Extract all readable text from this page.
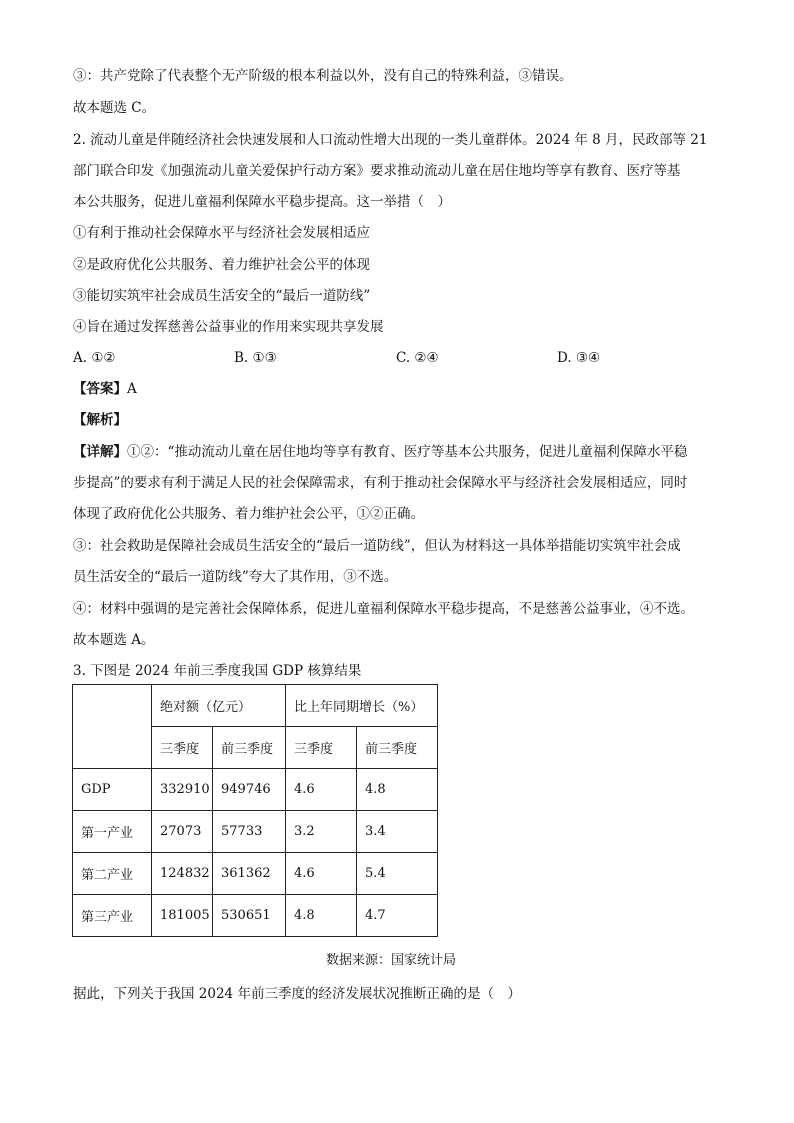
③：共产党除了代表整个无产阶级的根本利益以外，没有自己的特殊利益，③错误。
故本题选 C。
2. 流动儿童是伴随经济社会快速发展和人口流动性增大出现的一类儿童群体。2024 年 8 月，民政部等 21
部门联合印发《加强流动儿童关爱保护行动方案》要求推动流动儿童在居住地均等享有教育、医疗等基
本公共服务，促进儿童福利保障水平稳步提高。这一举措（　）
①有利于推动社会保障水平与经济社会发展相适应
②是政府优化公共服务、着力维护社会公平的体现
③能切实筑牢社会成员生活安全的“最后一道防线”
④旨在通过发挥慈善公益事业的作用来实现共享发展
A. ①②	B. ①③	C. ②④	D. ③④
【答案】A
【解析】
【详解】①②：“推动流动儿童在居住地均等享有教育、医疗等基本公共服务，促进儿童福利保障水平稳
步提高”的要求有利于满足人民的社会保障需求，有利于推动社会保障水平与经济社会发展相适应，同时
体现了政府优化公共服务、着力维护社会公平，①②正确。
③：社会救助是保障社会成员生活安全的“最后一道防线”，但认为材料这一具体举措能切实筑牢社会成
员生活安全的“最后一道防线”夸大了其作用，③不选。
④：材料中强调的是完善社会保障体系，促进儿童福利保障水平稳步提高，不是慈善公益事业，④不选。
故本题选 A。
3. 下图是 2024 年前三季度我国 GDP 核算结果
	绝对额（亿元）		比上年同期增长（%）	
	三季度	前三季度	三季度	前三季度
GDP	332910	949746	4.6	4.8
第一产业	27073	57733	3.2	3.4
第二产业	124832	361362	4.6	5.4
第三产业	181005	530651	4.8	4.7
数据来源：国家统计局
据此，下列关于我国 2024 年前三季度的经济发展状况推断正确的是（　）
